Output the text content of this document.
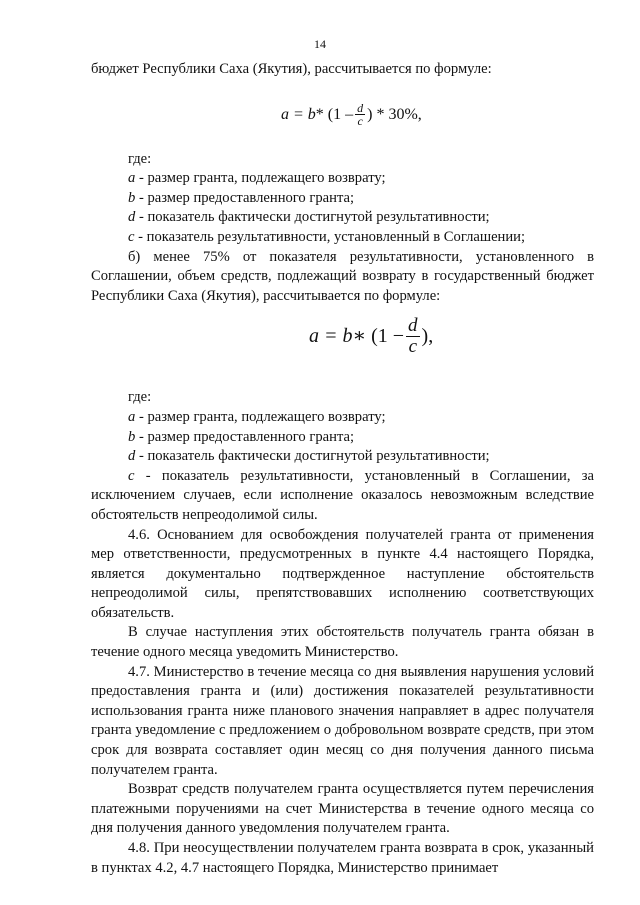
14

бюджет Республики Саха (Якутия), рассчитывается по формуле:

$a = b * (1 - \frac{d}{c}$ ) * 30%,

где:

a - размер гранта, подлежащего возврату;

b - размер предоставленного гранта;

d - показатель фактически достигнутой результативности;

c - показатель результативности, установленный в Соглашении;

б) менее 75% от показателя результативности, установленного в Соглашении, объем средств, подлежащий возврату в государственный бюджет Республики Саха (Якутия), рассчитывается по формуле:

a = b ∗ ($1 - \frac{d}{c}$ ),

где:

a - размер гранта, подлежащего возврату;

b - размер предоставленного гранта;

d - показатель фактически достигнутой результативности;

c - показатель результативности, установленный в Соглашении, за исключением случаев, если исполнение оказалось невозможным вследствие обстоятельств непреодолимой силы.

4.6. Основанием для освобождения получателей гранта от применения мер ответственности, предусмотренных в пункте 4.4 настоящего Порядка, является документально подтвержденное наступление обстоятельств непреодолимой силы, препятствовавших исполнению соответствующих обязательств.

В случае наступления этих обстоятельств получатель гранта обязан в течение одного месяца уведомить Министерство.

4.7. Министерство в течение месяца со дня выявления нарушения условий предоставления гранта и (или) достижения показателей результативности использования гранта ниже планового значения направляет в адрес получателя гранта уведомление с предложением о добровольном возврате средств, при этом срок для возврата составляет один месяц со дня получения данного письма получателем гранта.

Возврат средств получателем гранта осуществляется путем перечисления платежными поручениями на счет Министерства в течение одного месяца со дня получения данного уведомления получателем гранта.

4.8. При неосуществлении получателем гранта возврата в срок, указанный в пунктах 4.2, 4.7 настоящего Порядка, Министерство принимает
